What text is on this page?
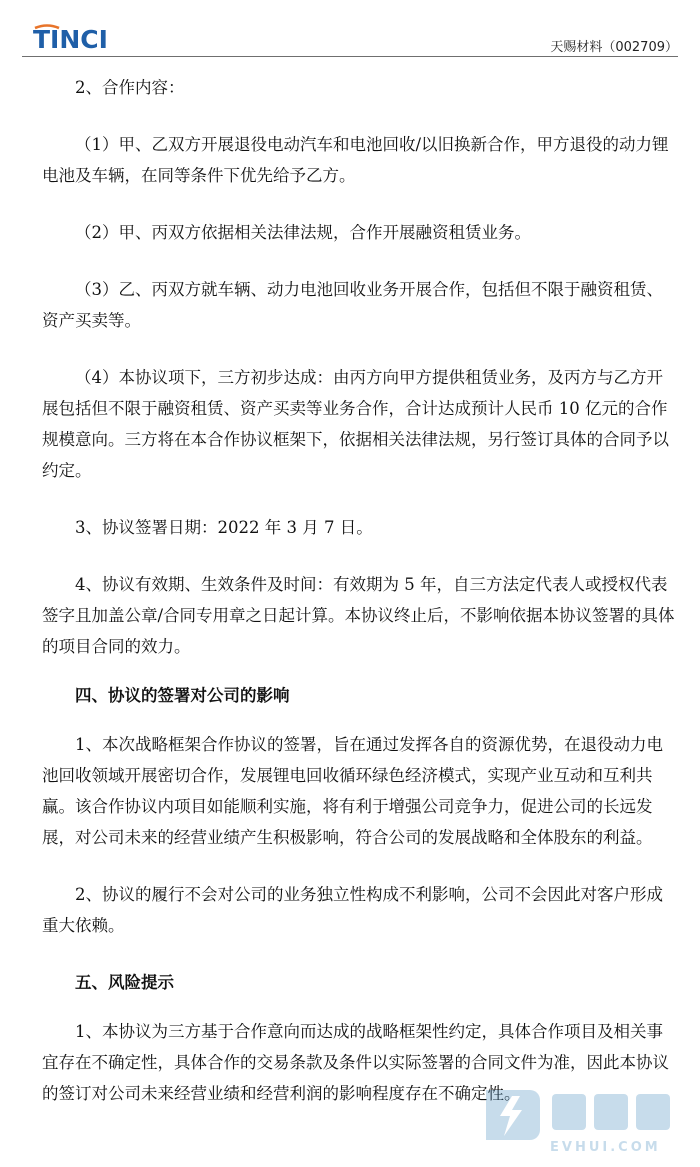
TINCI	天赐材料（002709）

2、合作内容：

（1）甲、乙双方开展退役电动汽车和电池回收/以旧换新合作，甲方退役的动力锂电池及车辆，在同等条件下优先给予乙方。

（2）甲、丙双方依据相关法律法规，合作开展融资租赁业务。

（3）乙、丙双方就车辆、动力电池回收业务开展合作，包括但不限于融资租赁、资产买卖等。

（4）本协议项下，三方初步达成：由丙方向甲方提供租赁业务，及丙方与乙方开展包括但不限于融资租赁、资产买卖等业务合作，合计达成预计人民币 10 亿元的合作规模意向。三方将在本合作协议框架下，依据相关法律法规，另行签订具体的合同予以约定。

3、协议签署日期：2022 年 3 月 7 日。

4、协议有效期、生效条件及时间：有效期为 5 年，自三方法定代表人或授权代表签字且加盖公章/合同专用章之日起计算。本协议终止后，不影响依据本协议签署的具体的项目合同的效力。

四、协议的签署对公司的影响

1、本次战略框架合作协议的签署，旨在通过发挥各自的资源优势，在退役动力电池回收领域开展密切合作，发展锂电回收循环绿色经济模式，实现产业互动和互利共赢。该合作协议内项目如能顺利实施，将有利于增强公司竞争力，促进公司的长远发展，对公司未来的经营业绩产生积极影响，符合公司的发展战略和全体股东的利益。

2、协议的履行不会对公司的业务独立性构成不利影响，公司不会因此对客户形成重大依赖。

五、风险提示

1、本协议为三方基于合作意向而达成的战略框架性约定，具体合作项目及相关事宜存在不确定性，具体合作的交易条款及条件以实际签署的合同文件为准，因此本协议的签订对公司未来经营业绩和经营利润的影响程度存在不确定性。

EVHUI.COM
